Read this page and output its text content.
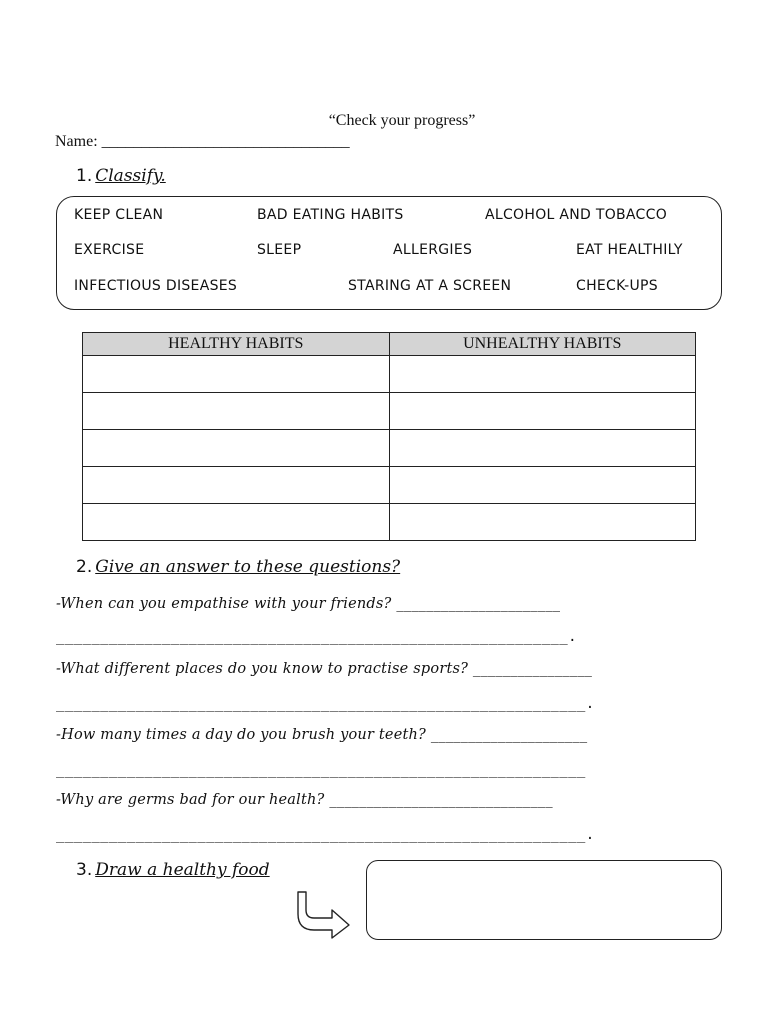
“Check your progress”
Name: _______________________________
1. Classify.
KEEP CLEAN	BAD EATING HABITS	ALCOHOL AND TOBACCO
EXERCISE	SLEEP	ALLERGIES	EAT HEALTHILY
INFECTIOUS DISEASES	STARING AT A SCREEN	CHECK-UPS
HEALTHY HABITS	UNHEALTHY HABITS

2. Give an answer to these questions?
-When can you empathise with your friends? ______________________
__________________________________________________________.
-What different places do you know to practise sports? ________________
____________________________________________________________.
-How many times a day do you brush your teeth? _____________________
____________________________________________________________
-Why are germs bad for our health? ______________________________
____________________________________________________________.
3. Draw a healthy food
